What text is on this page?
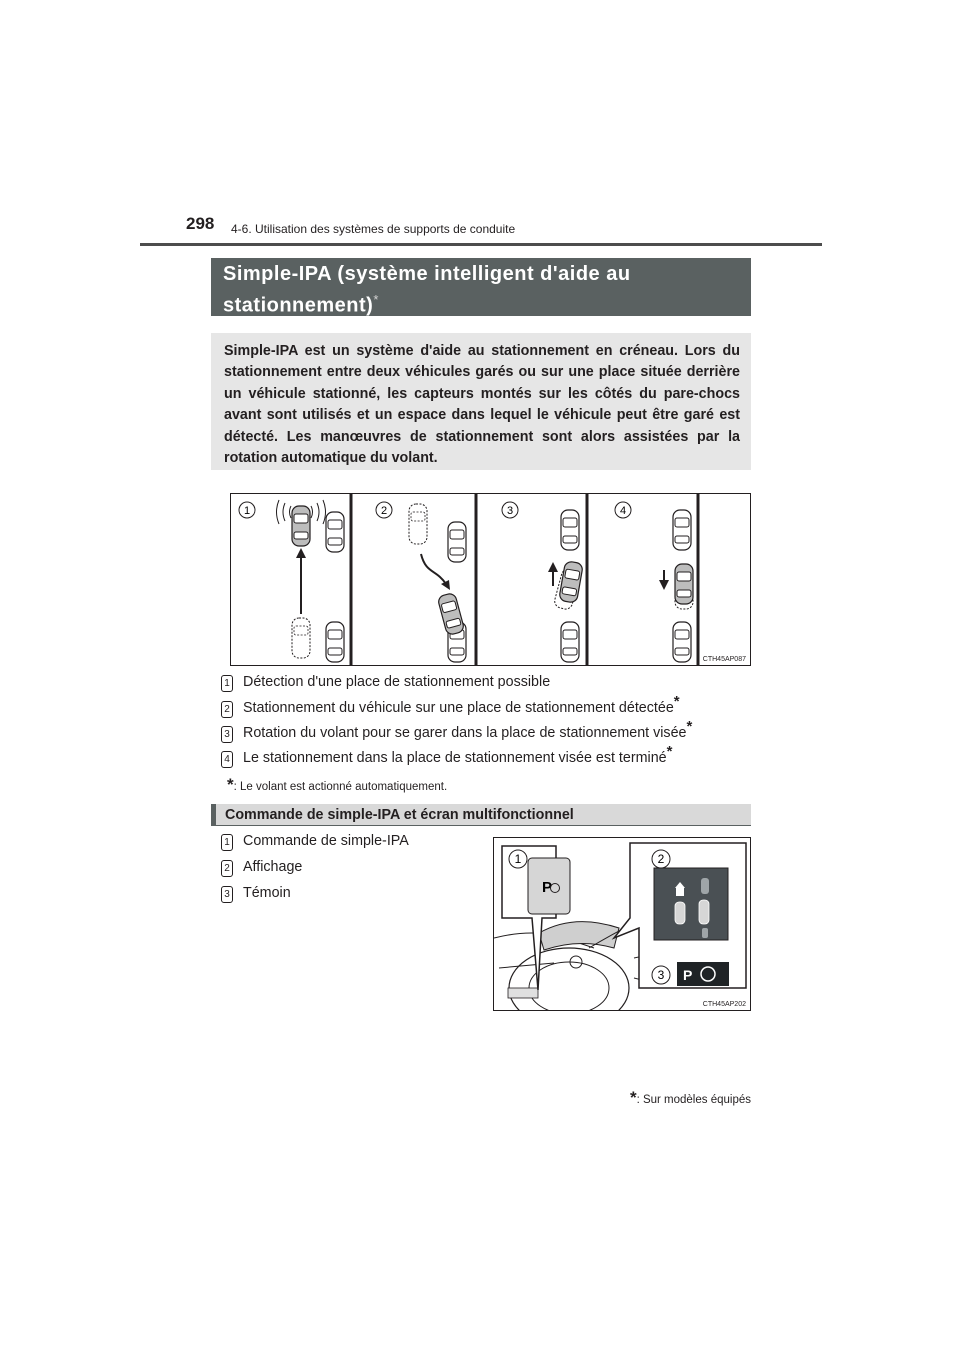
298 4-6. Utilisation des systèmes de supports de conduite
Simple-IPA (système intelligent d'aide au stationnement)*
Simple-IPA est un système d'aide au stationnement en créneau. Lors du stationnement entre deux véhicules garés ou sur une place située derrière un véhicule stationné, les capteurs montés sur les côtés du pare-chocs avant sont utilisés et un espace dans lequel le véhicule peut être garé est détecté. Les manœuvres de stationnement sont alors assistées par la rotation automatique du volant.
1	2	3	4
CTH45AP087
1 Détection d'une place de stationnement possible
2 Stationnement du véhicule sur une place de stationnement détectée*
3 Rotation du volant pour se garer dans la place de stationnement visée*
4 Le stationnement dans la place de stationnement visée est terminé*
*: Le volant est actionné automatiquement.
Commande de simple-IPA et écran multifonctionnel
1 Commande de simple-IPA
2 Affichage
3 Témoin	P
1
P
2
3
CTH45AP202
*: Sur modèles équipés
